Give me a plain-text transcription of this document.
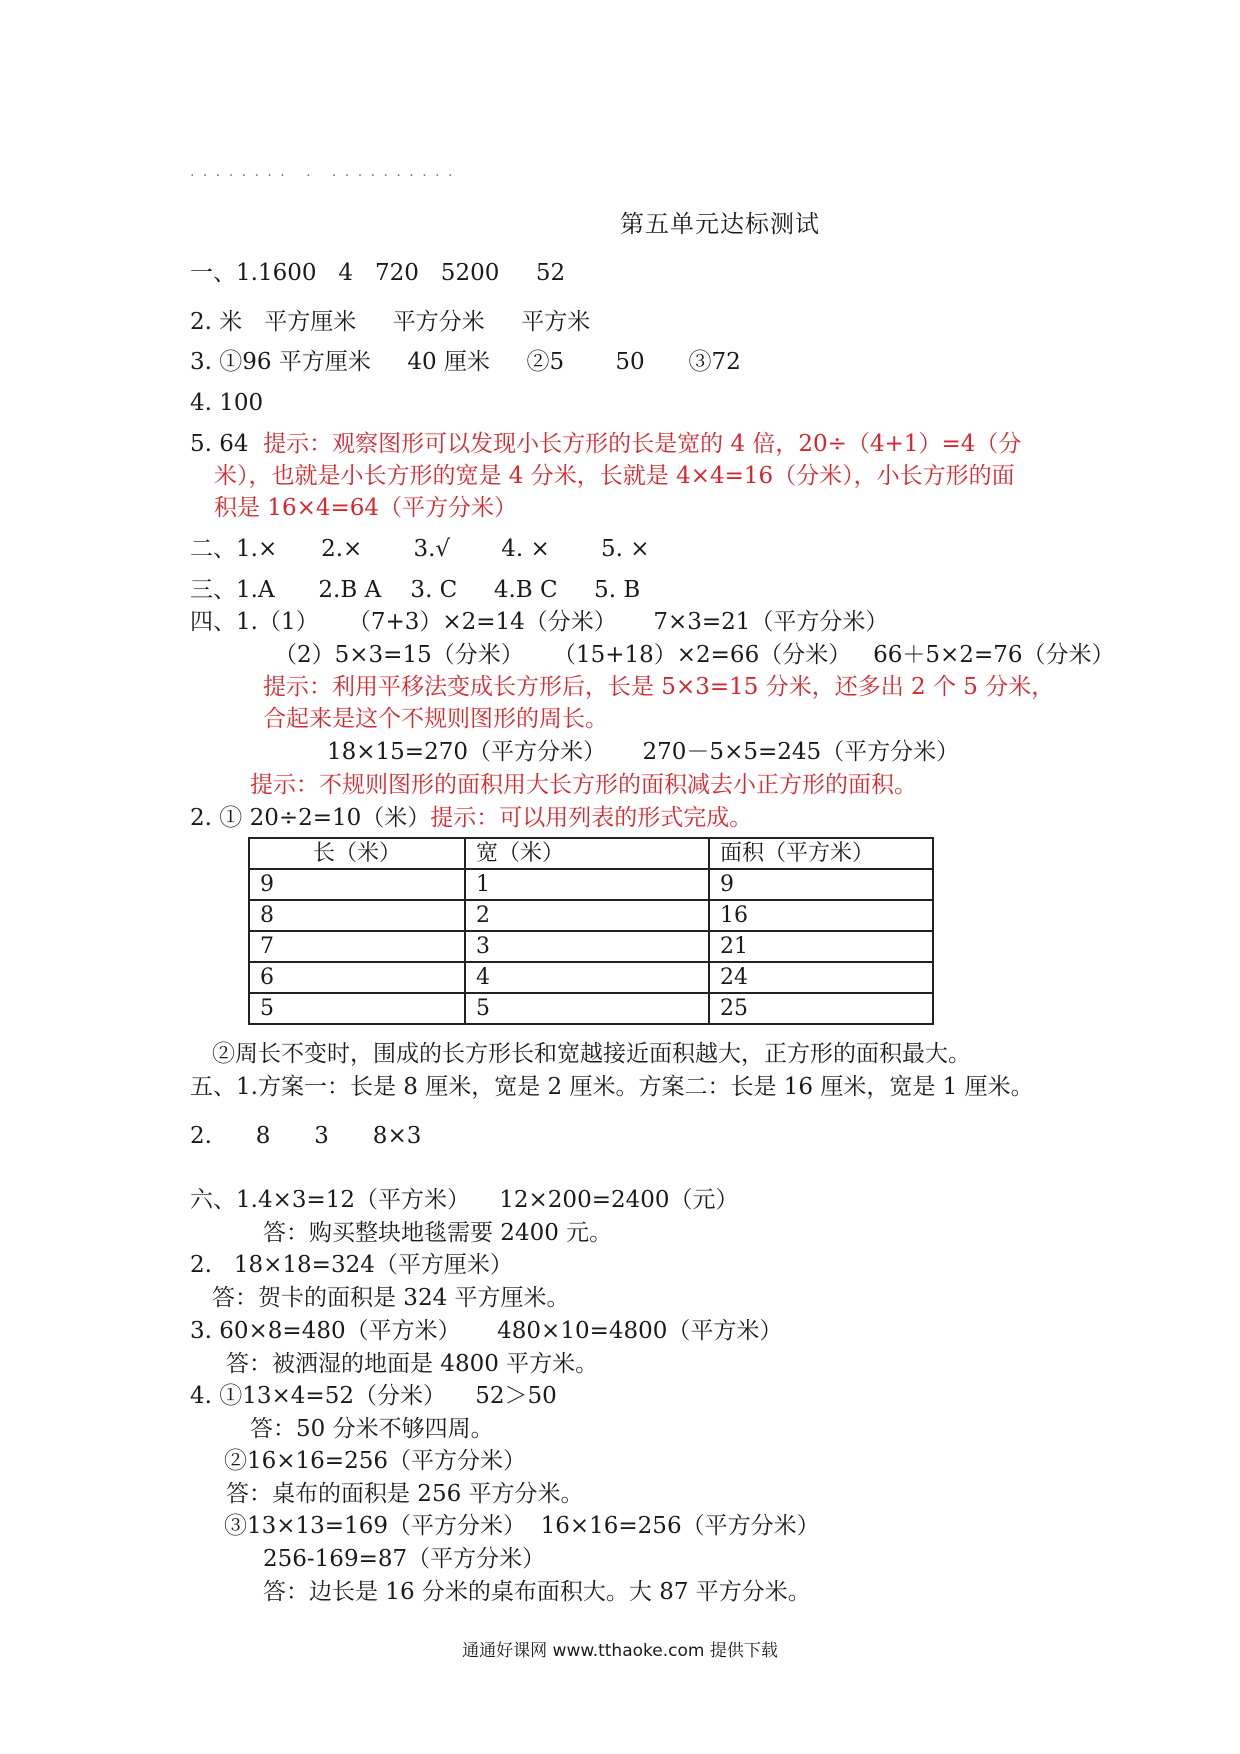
· · · · · · · ·   ·   · · · · · · · · · ·
第五单元达标测试
一、1.1600   4   720   5200     52
2. 米   平方厘米     平方分米     平方米
3. ①96 平方厘米     40 厘米     ②5       50      ③72
4. 100
5. 64  提示：观察图形可以发现小长方形的长是宽的 4 倍，20÷（4+1）=4（分
米），也就是小长方形的宽是 4 分米，长就是 4×4=16（分米），小长方形的面
积是 16×4=64（平方分米）
二、1.×      2.×       3.√       4. ×       5. ×
三、1.A      2.B A    3. C     4.B C     5. B
四、1.（1）    （7+3）×2=14（分米）     7×3=21（平方分米）
（2）5×3=15（分米）    （15+18）×2=66（分米）   66＋5×2=76（分米）
提示：利用平移法变成长方形后，长是 5×3=15 分米，还多出 2 个 5 分米，
合起来是这个不规则图形的周长。
18×15=270（平方分米）     270－5×5=245（平方分米）
提示：不规则图形的面积用大长方形的面积减去小正方形的面积。
2. ① 20÷2=10（米）提示：可以用列表的形式完成。
长（米）	宽（米）	面积（平方米）
9	1	9
8	2	16
7	3	21
6	4	24
5	5	25
②周长不变时，围成的长方形长和宽越接近面积越大，正方形的面积最大。
五、1.方案一：长是 8 厘米，宽是 2 厘米。方案二：长是 16 厘米，宽是 1 厘米。
2.      8      3      8×3
六、1.4×3=12（平方米）    12×200=2400（元）
答：购买整块地毯需要 2400 元。
2.   18×18=324（平方厘米）
答：贺卡的面积是 324 平方厘米。
3. 60×8=480（平方米）     480×10=4800（平方米）
答：被洒湿的地面是 4800 平方米。
4. ①13×4=52（分米）    52＞50
答：50 分米不够四周。
②16×16=256（平方分米）
答：桌布的面积是 256 平方分米。
③13×13=169（平方分米）  16×16=256（平方分米）
256-169=87（平方分米）
答：边长是 16 分米的桌布面积大。大 87 平方分米。
通通好课网 www.tthaoke.com 提供下载
